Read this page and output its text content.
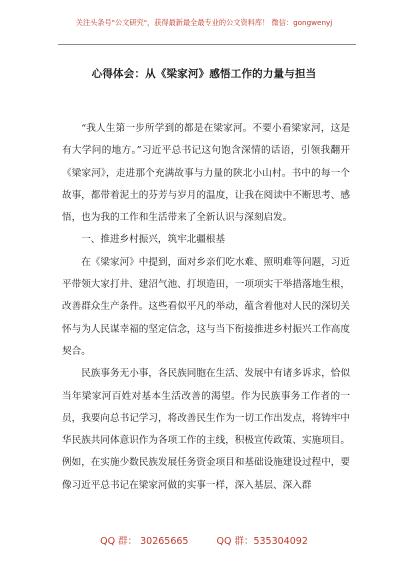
关注头条号"公文研究"，获得最新最全最专业的公文资料库！ 微信：gongwenyj
心得体会：从《梁家河》感悟工作的力量与担当

“我人生第一步所学到的都是在梁家河。不要小看梁家河，这是有大学问的地方。”习近平总书记这句饱含深情的话语，引领我翻开《梁家河》，走进那个充满故事与力量的陕北小山村。书中的每一个故事，都带着泥土的芬芳与岁月的温度，让我在阅读中不断思考、感悟，也为我的工作和生活带来了全新认识与深刻启发。

一、推进乡村振兴，筑牢北疆根基

在《梁家河》中提到，面对乡亲们吃水难、照明难等问题，习近平带领大家打井、建沼气池、打坝造田，一项项实干举措落地生根，改善群众生产条件。这些看似平凡的举动，蕴含着他对人民的深切关怀与为人民谋幸福的坚定信念，这与当下衔接推进乡村振兴工作高度契合。

民族事务无小事，各民族同胞在生活、发展中有诸多诉求，恰似当年梁家河百姓对基本生活改善的渴望。作为民族事务工作者的一员，我要向总书记学习，将改善民生作为一切工作出发点，将铸牢中华民族共同体意识作为各项工作的主线，积极宣传政策、实施项目。例如，在实施少数民族发展任务资金项目和基础设施建设过程中，要像习近平总书记在梁家河做的实事一样，深入基层、深入群

QQ 群： 30265665	QQ 群：535304092
